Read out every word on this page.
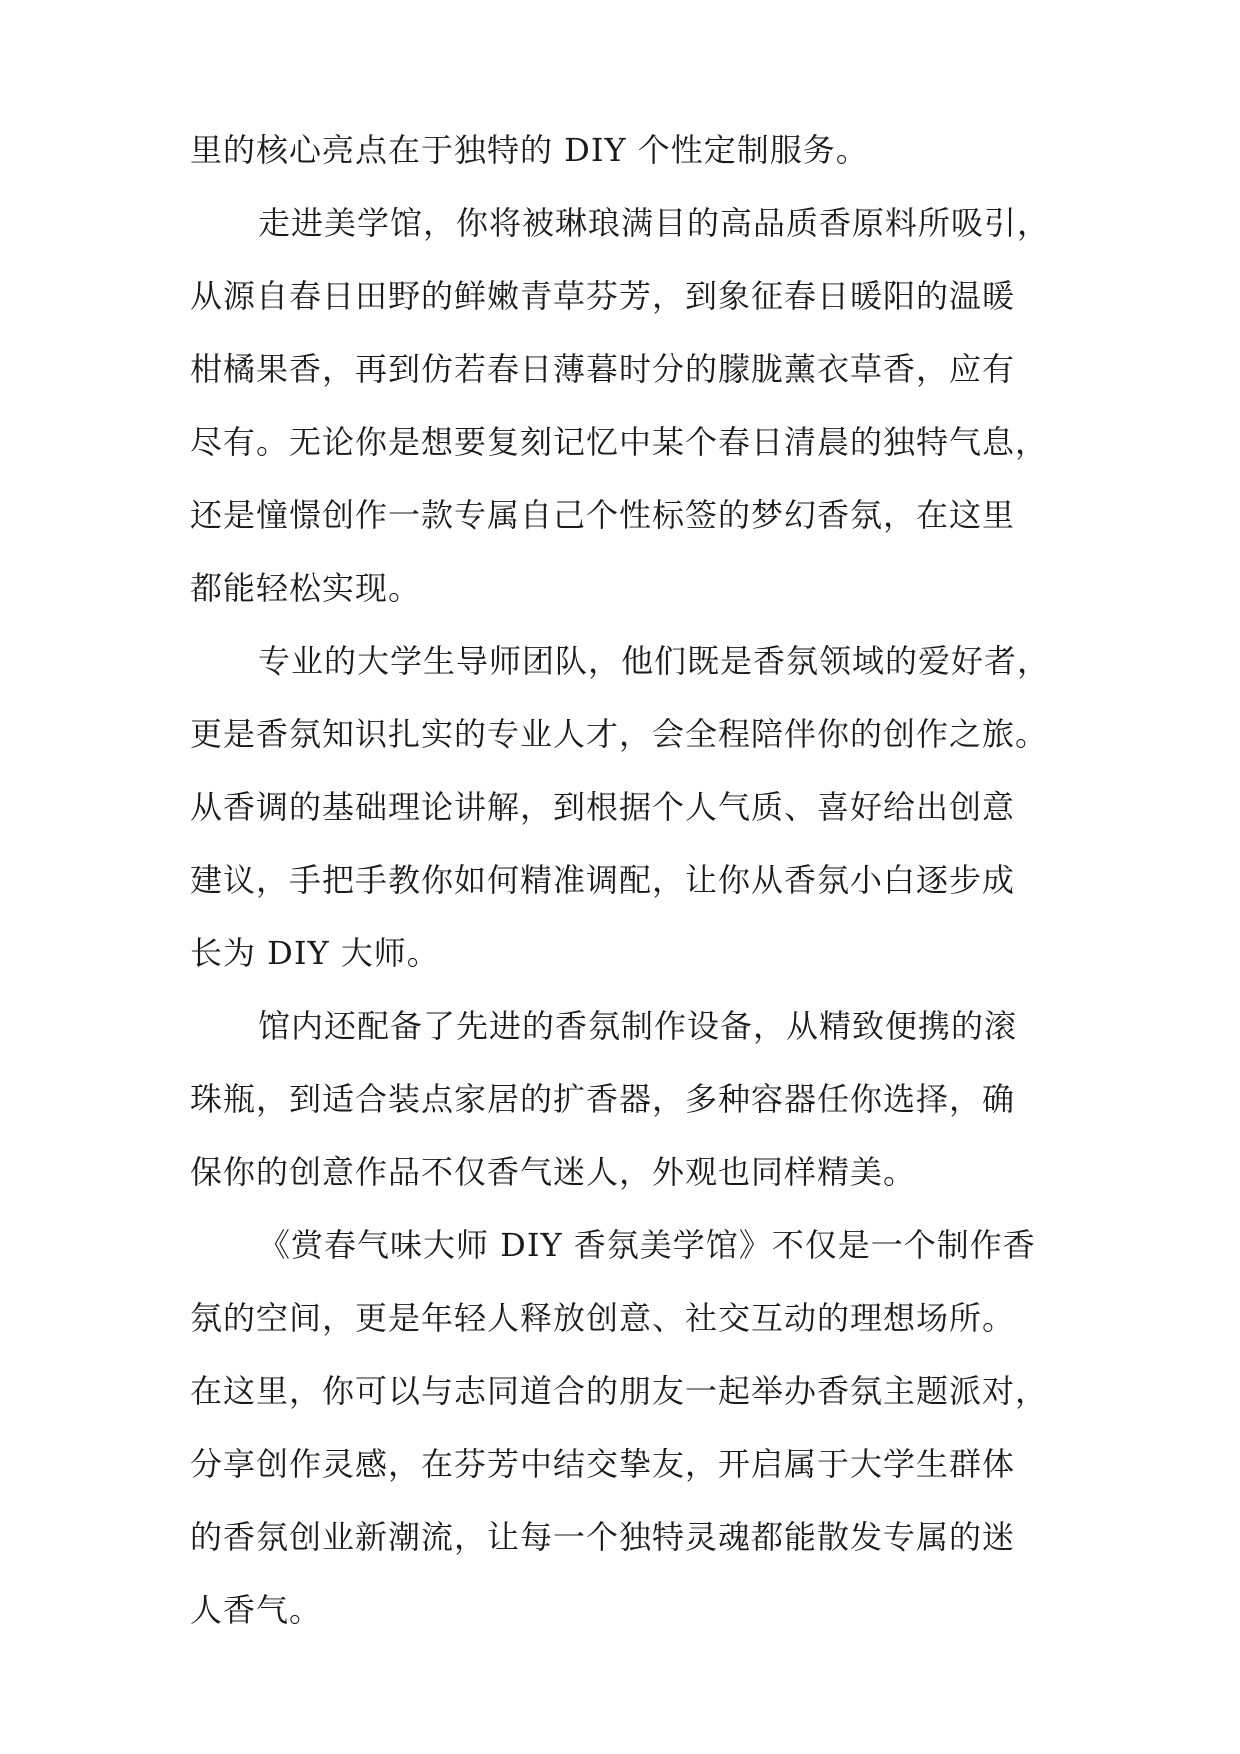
里的核心亮点在于独特的 DIY 个性定制服务。
走进美学馆，你将被琳琅满目的高品质香原料所吸引，
从源自春日田野的鲜嫩青草芬芳，到象征春日暖阳的温暖
柑橘果香，再到仿若春日薄暮时分的朦胧薰衣草香，应有
尽有。无论你是想要复刻记忆中某个春日清晨的独特气息，
还是憧憬创作一款专属自己个性标签的梦幻香氛，在这里
都能轻松实现。
专业的大学生导师团队，他们既是香氛领域的爱好者，
更是香氛知识扎实的专业人才，会全程陪伴你的创作之旅。
从香调的基础理论讲解，到根据个人气质、喜好给出创意
建议，手把手教你如何精准调配，让你从香氛小白逐步成
长为 DIY 大师。
馆内还配备了先进的香氛制作设备，从精致便携的滚
珠瓶，到适合装点家居的扩香器，多种容器任你选择，确
保你的创意作品不仅香气迷人，外观也同样精美。
《赏春气味大师 DIY 香氛美学馆》不仅是一个制作香
氛的空间，更是年轻人释放创意、社交互动的理想场所。
在这里，你可以与志同道合的朋友一起举办香氛主题派对，
分享创作灵感，在芬芳中结交挚友，开启属于大学生群体
的香氛创业新潮流，让每一个独特灵魂都能散发专属的迷
人香气。
